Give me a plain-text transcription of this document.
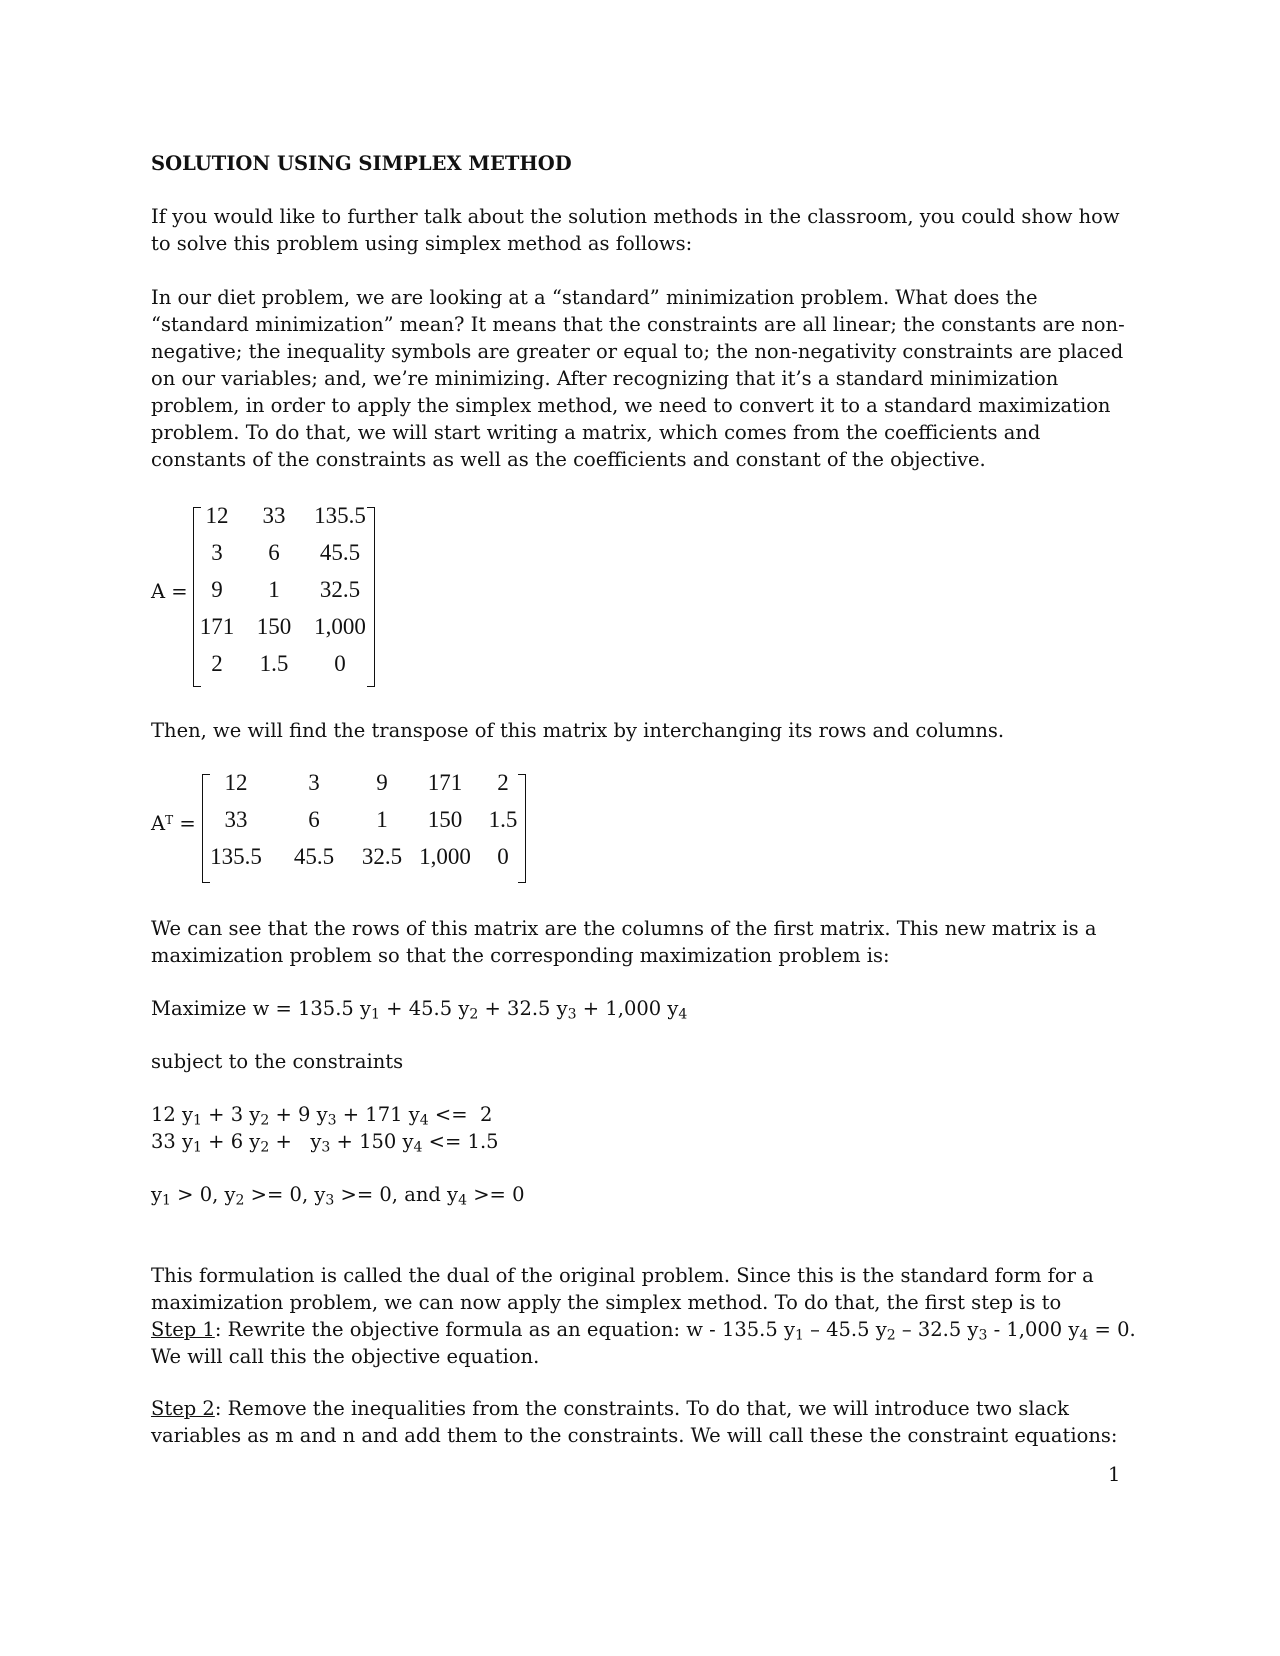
SOLUTION USING SIMPLEX METHOD

If you would like to further talk about the solution methods in the classroom, you could show how
to solve this problem using simplex method as follows:

In our diet problem, we are looking at a “standard” minimization problem. What does the
“standard minimization” mean? It means that the constraints are all linear; the constants are non-
negative; the inequality symbols are greater or equal to; the non-negativity constraints are placed
on our variables; and, we’re minimizing. After recognizing that it’s a standard minimization
problem, in order to apply the simplex method, we need to convert it to a standard maximization
problem. To do that, we will start writing a matrix, which comes from the coefficients and
constants of the constraints as well as the coefficients and constant of the objective.

A =
12	33	135.5
3	6	45.5
9	1	32.5
171 150 1,000
2	1.5	0

Then, we will find the transpose of this matrix by interchanging its rows and columns.

$A^T$ =
12	3	9	171	2
33	6	1	150	1.5
135.5	45.5	32.5 1,000	0

We can see that the rows of this matrix are the columns of the first matrix. This new matrix is a
maximization problem so that the corresponding maximization problem is:

Maximize w = 135.5 $y_1 + 45.5$ $y_2 + 32.5$ $y_3 + 1,000$ $y_4$

subject to the constraints

12 $y_1 + 3$ $y_2 + 9$ $y_3 + 171$ $y_4 <= 2$
33 $y_1 + 6$ $y_2 + y_3 + 150$ $y_4 <= 1.5$

$y_1 > 0$, $y_2 >= 0$, $y_3 >= 0$, and $y_4 >= 0$

This formulation is called the dual of the original problem. Since this is the standard form for a
maximization problem, we can now apply the simplex method. To do that, the first step is to

Step 1: Rewrite the objective formula as an equation: w - 135.5 $y_1 - 45.5$ $y_2 - 32.5$ $y_3 - 1,000$ $y_4 = 0$.
We will call this the objective equation.

Step 2: Remove the inequalities from the constraints. To do that, we will introduce two slack
variables as m and n and add them to the constraints. We will call these the constraint equations:

1
